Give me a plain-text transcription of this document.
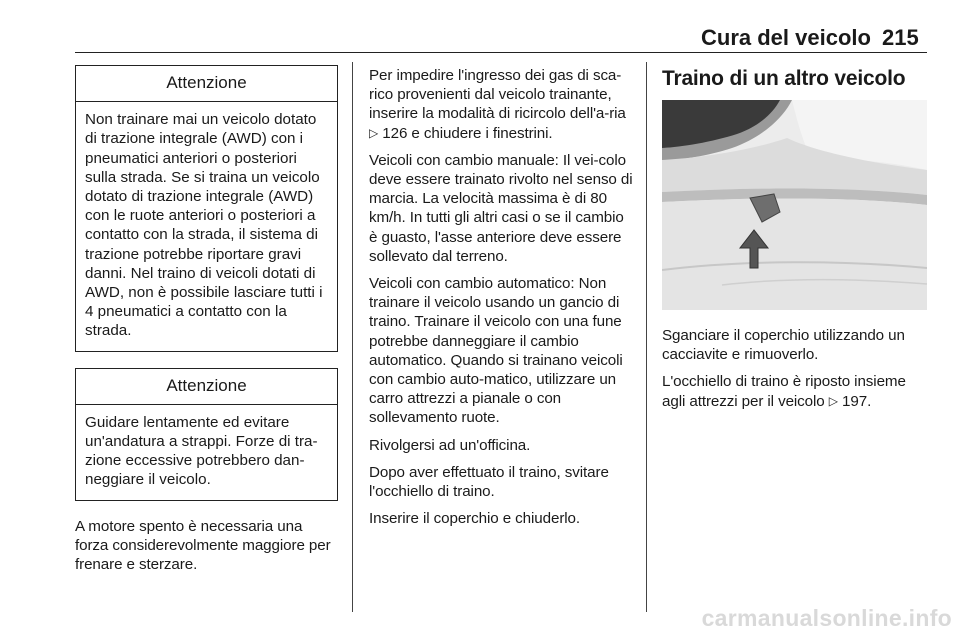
Cura del veicolo 215
Attenzione
Non trainare mai un veicolo dotato di trazione integrale (AWD) con i pneumatici anteriori o posteriori sulla strada. Se si traina un veicolo dotato di trazione integrale (AWD) con le ruote anteriori o posteriori a contatto con la strada, il sistema di trazione potrebbe riportare gravi danni. Nel traino di veicoli dotati di AWD, non è possibile lasciare tutti i 4 pneumatici a contatto con la strada.
Attenzione
Guidare lentamente ed evitare un'andatura a strappi. Forze di tra-zione eccessive potrebbero dan-neggiare il veicolo.

A motore spento è necessaria una forza considerevolmente maggiore per frenare e sterzare.

Per impedire l'ingresso dei gas di sca-rico provenienti dal veicolo trainante, inserire la modalità di ricircolo dell'a-ria ▷ 126 e chiudere i finestrini.

Veicoli con cambio manuale: Il vei-colo deve essere trainato rivolto nel senso di marcia. La velocità massima è di 80 km/h. In tutti gli altri casi o se il cambio è guasto, l'asse anteriore deve essere sollevato dal terreno.

Veicoli con cambio automatico: Non trainare il veicolo usando un gancio di traino. Trainare il veicolo con una fune potrebbe danneggiare il cambio automatico. Quando si trainano veicoli con cambio auto-matico, utilizzare un carro attrezzi a pianale o con sollevamento ruote.

Rivolgersi ad un'officina.

Dopo aver effettuato il traino, svitare l'occhiello di traino.

Inserire il coperchio e chiuderlo.

Traino di un altro veicolo

Sganciare il coperchio utilizzando un cacciavite e rimuoverlo.

L'occhiello di traino è riposto insieme agli attrezzi per il veicolo ▷ 197.

carmanualsonline.info
